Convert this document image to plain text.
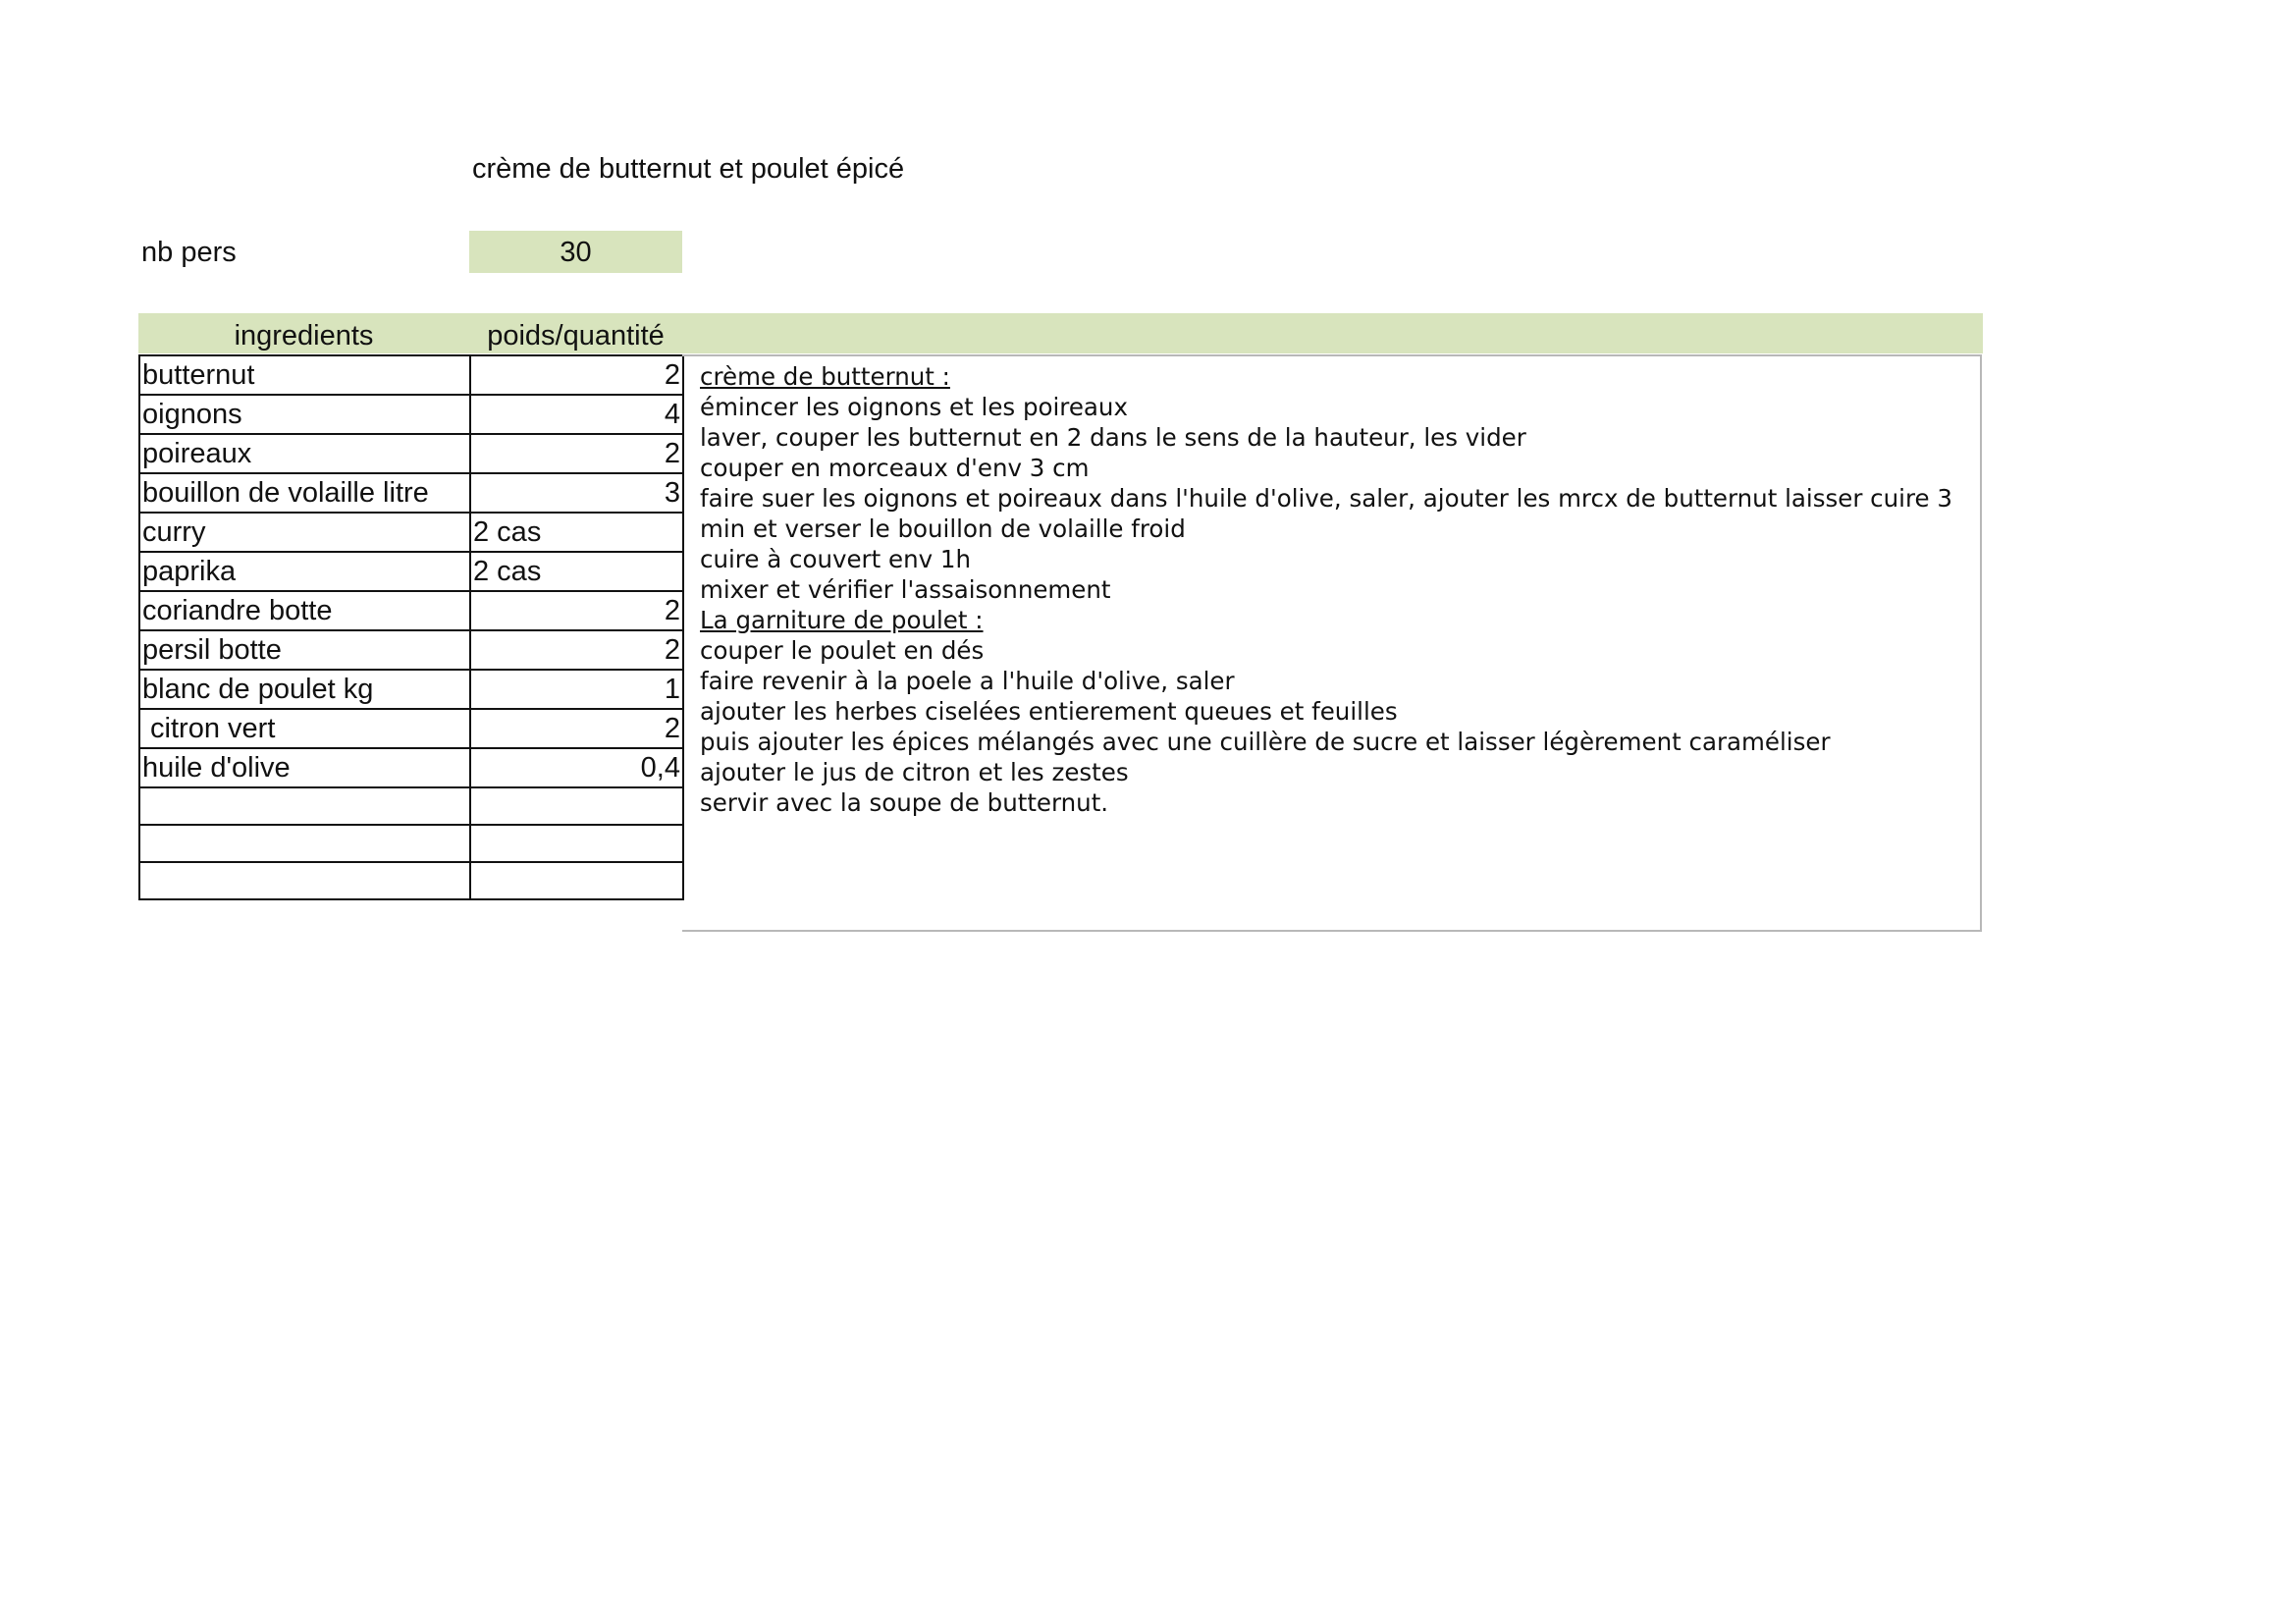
crème de butternut et poulet épicé
nb pers	30
ingredients	poids/quantité
butternut	2
oignons	4
poireaux	2
bouillon de volaille litre	3
curry	2 cas
paprika	2 cas
coriandre botte	2
persil botte	2
blanc de poulet kg	1
citron vert	2
huile d'olive	0,4

crème de butternut :
émincer les oignons et les poireaux
laver, couper les butternut en 2 dans le sens de la hauteur, les vider
couper en morceaux d'env 3 cm
faire suer les oignons et poireaux dans l'huile d'olive, saler, ajouter les mrcx de butternut laisser cuire 3
min et verser le bouillon de volaille froid
cuire à couvert env 1h
mixer et vérifier l'assaisonnement
La garniture de poulet :
couper le poulet en dés
faire revenir à la poele a l'huile d'olive, saler
ajouter les herbes ciselées entierement queues et feuilles
puis ajouter les épices mélangés avec une cuillère de sucre et laisser légèrement caraméliser
ajouter le jus de citron et les zestes
servir avec la soupe de butternut.
